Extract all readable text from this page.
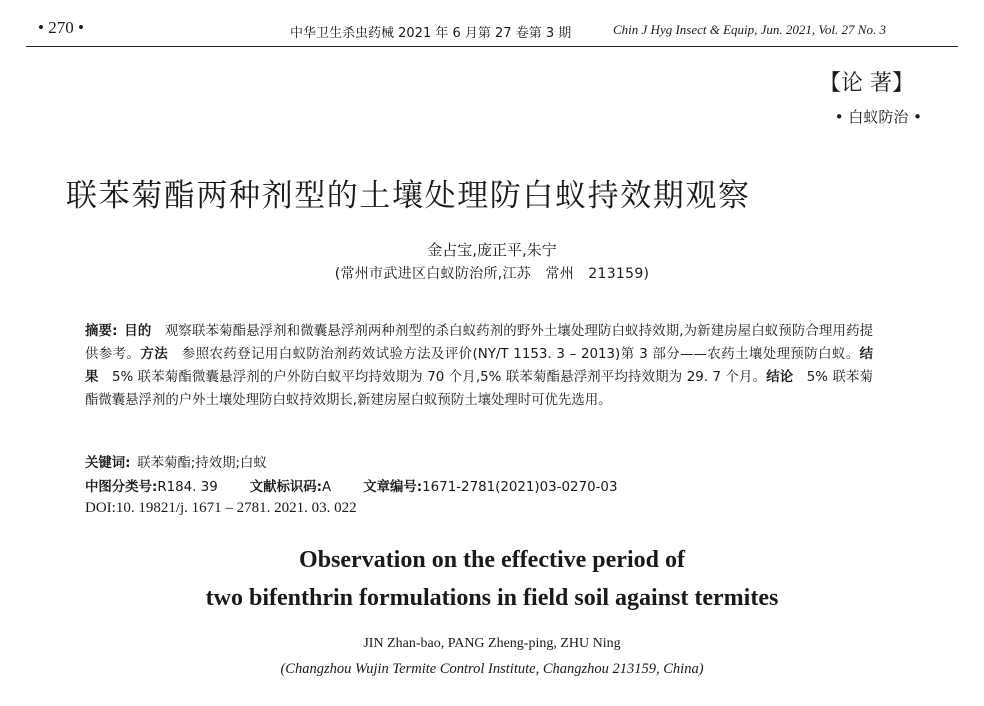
• 270 •	中华卫生杀虫药械 2021 年 6 月第 27 卷第 3 期	Chin J Hyg Insect & Equip, Jun. 2021, Vol. 27 No. 3
【论 著】
• 白蚁防治 •
联苯菊酯两种剂型的土壤处理防白蚁持效期观察
金占宝,庞正平,朱宁
(常州市武进区白蚁防治所,江苏　常州　213159)
摘要:  目的  观察联苯菊酯悬浮剂和微囊悬浮剂两种剂型的杀白蚁药剂的野外土壤处理防白蚁持效期,为新建房屋白蚁预防合理用药提供参考。方法  参照农药登记用白蚁防治剂药效试验方法及评价(NY/T 1153. 3 – 2013)第 3 部分——农药土壤处理预防白蚁。结果  5% 联苯菊酯微囊悬浮剂的户外防白蚁平均持效期为 70 个月,5% 联苯菊酯悬浮剂平均持效期为 29. 7 个月。结论  5% 联苯菊酯微囊悬浮剂的户外土壤处理防白蚁持效期长,新建房屋白蚁预防土壤处理时可优先选用。
关键词:  联苯菊酯;持效期;白蚁
中图分类号:R184. 39 文献标识码:A 文章编号:1671-2781(2021)03-0270-03
DOI:10. 19821/j. 1671 – 2781. 2021. 03. 022
Observation on the effective period of
two bifenthrin formulations in field soil against termites
JIN Zhan-bao, PANG Zheng-ping, ZHU Ning
(Changzhou Wujin Termite Control Institute, Changzhou 213159, China)
